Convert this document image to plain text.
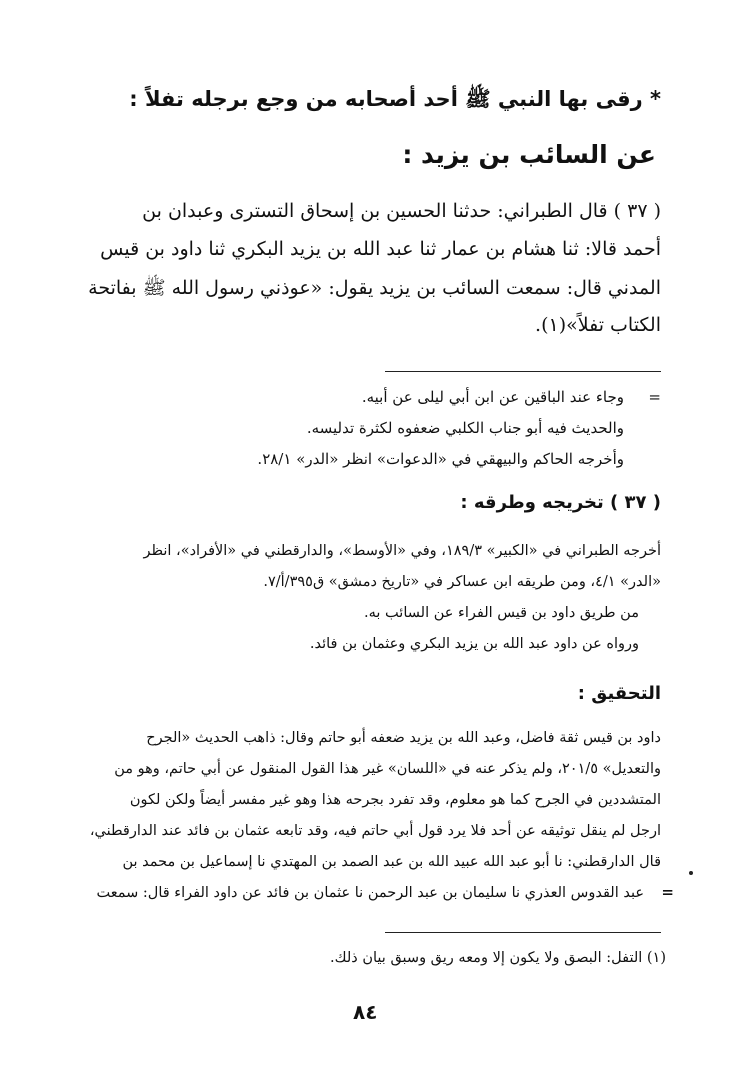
* رقى بها النبي ﷺ أحد أصحابه من وجع برجله تفلاً :
عن السائب بن يزيد :
( ٣٧ ) قال الطبراني: حدثنا الحسين بن إسحاق التسترى وعبدان بن
أحمد قالا: ثنا هشام بن عمار ثنا عبد الله بن يزيد البكري ثنا داود بن قيس
المدني قال: سمعت السائب بن يزيد يقول: «عوذني رسول الله ﷺ بفاتحة
الكتاب تفلاً»(١).
=
وجاء عند الباقين عن ابن أبي ليلى عن أبيه.
والحديث فيه أبو جناب الكلبي ضعفوه لكثرة تدليسه.
وأخرجه الحاكم والبيهقي في «الدعوات» انظر «الدر» ٢٨/١.
( ٣٧ ) تخريجه وطرقه :
أخرجه الطبراني في «الكبير» ١٨٩/٣، وفي «الأوسط»، والدارقطني في «الأفراد»، انظر
«الدر» ٤/١، ومن طريقه ابن عساكر في «تاريخ دمشق» ق٣٩٥/أ/٧.
من طريق داود بن قيس الفراء عن السائب به.
ورواه عن داود عبد الله بن يزيد البكري وعثمان بن فائد.
التحقيق :
داود بن قيس ثقة فاضل، وعبد الله بن يزيد ضعفه أبو حاتم وقال: ذاهب الحديث «الجرح
والتعديل» ٢٠١/٥، ولم يذكر عنه في «اللسان» غير هذا القول المنقول عن أبي حاتم، وهو من
المتشددين في الجرح كما هو معلوم، وقد تفرد بجرحه هذا وهو غير مفسر أيضاً ولكن لكون
ارجل لم ينقل توثيقه عن أحد فلا يرد قول أبي حاتم فيه، وقد تابعه عثمان بن فائد عند الدارقطني،
قال الدارقطني: نا أبو عبد الله عبيد الله بن عبد الصمد بن المهتدي نا إسماعيل بن محمد بن
عبد القدوس العذري نا سليمان بن عبد الرحمن نا عثمان بن فائد عن داود الفراء قال: سمعت =
(١) التفل: البصق ولا يكون إلا ومعه ريق وسبق بيان ذلك.
٨٤
